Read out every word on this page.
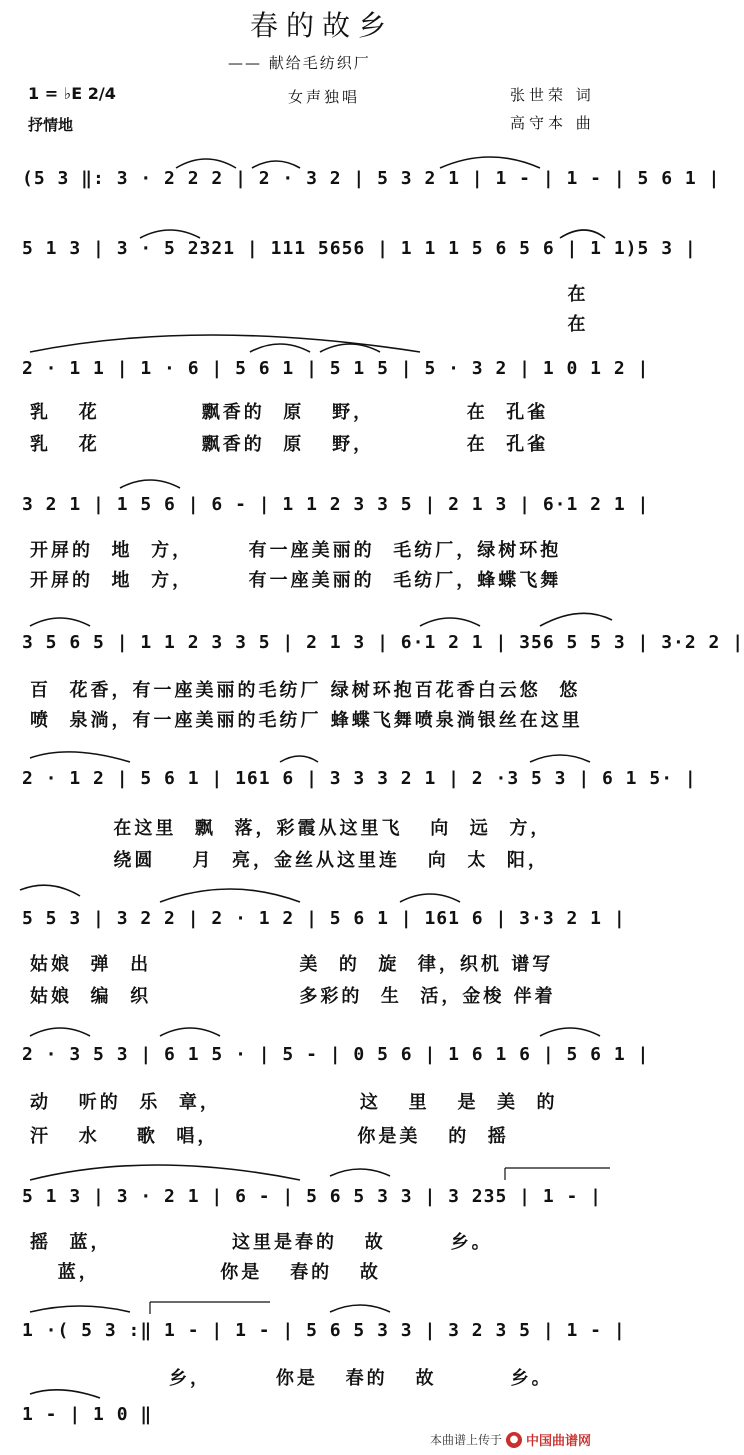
春的故乡
—— 献给毛纺织厂
1 = ♭E 2/4	女声独唱	张世荣 词
高守本 曲
抒情地
(5 3 ‖: 3 · 2 2 2 | 2 · 3 2 | 5 3 2 1 | 1 - | 1 - | 5 6 1 |
5 1 3 | 3 · 5 2321 | 111 5656 | 1 1 1 5 6 5 6 | 1 1)5 3 |
在
在
2 · 1 1 | 1 · 6 | 5 6 1 | 5 1 5 | 5 · 3 2 | 1 0 1 2 |
乳   花           飘香的  原   野，          在  孔雀
乳   花           飘香的  原   野，          在  孔雀
3 2 1 | 1 5 6 | 6 - | 1 1 2 3 3 5 | 2 1 3 | 6·1 2 1 |
开屏的  地  方，      有一座美丽的  毛纺厂，绿树环抱
开屏的  地  方，      有一座美丽的  毛纺厂，蜂蝶飞舞
3 5 6 5 | 1 1 2 3 3 5 | 2 1 3 | 6·1 2 1 | 356 5 5 3 | 3·2 2 |
百  花香，有一座美丽的毛纺厂 绿树环抱百花香白云悠  悠
喷  泉淌，有一座美丽的毛纺厂 蜂蝶飞舞喷泉淌银丝在这里
2 · 1 2 | 5 6 1 | 161 6 | 3 3 3 2 1 | 2 ·3 5 3 | 6 1 5· |
在这里  飘  落，彩霞从这里飞   向  远  方，
绕圆    月  亮，金丝从这里连   向  太  阳，
5 5 3 | 3 2 2 | 2 · 1 2 | 5 6 1 | 161 6 | 3·3 2 1 |
姑娘  弹  出                美  的  旋  律，织机 谱写
姑娘  编  织                多彩的  生  活，金梭 伴着
2 · 3 5 3 | 6 1 5 · | 5 - | 0 5 6 | 1 6 1 6 | 5 6 1 |
动   听的  乐  章，               这   里   是  美  的
汗   水    歌  唱，               你是美   的  摇
5 1 3 | 3 · 2 1 | 6 - | 5 6 5 3 3 | 3 235 | 1 - |
摇  蓝，             这里是春的   故       乡。
蓝，             你是   春的   故
1 ·( 5 3 :‖ 1 - | 1 - | 5 6 5 3 3 | 3 2 3 5 | 1 - |
乡，       你是   春的   故        乡。
1 - | 1 0 ‖
本曲谱上传于 ● 中国曲谱网
